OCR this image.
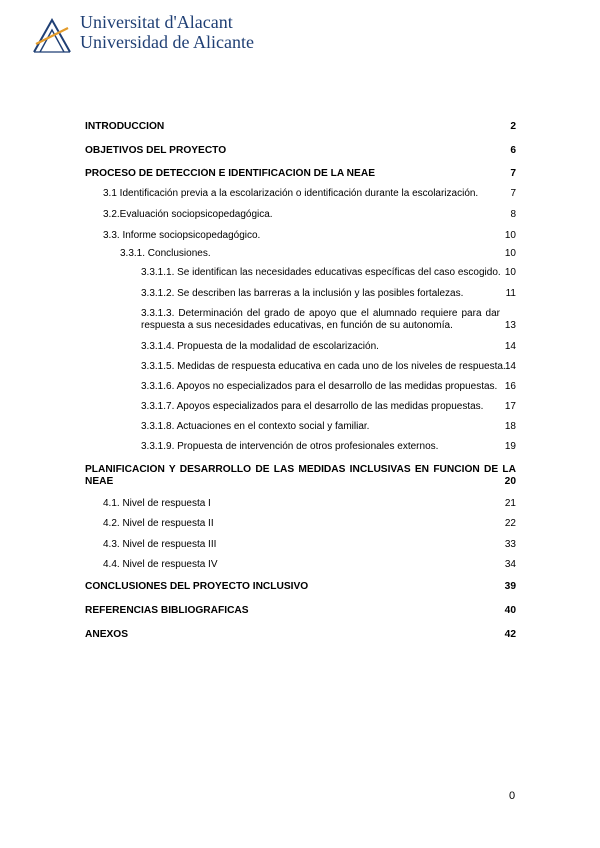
Universitat d'Alacant
Universidad de Alicante
INTRODUCCIÓN	2
OBJETIVOS DEL PROYECTO	6
PROCESO DE DETECCIÓN E IDENTIFICACIÓN DE LA NEAE	7
3.1 Identificación previa a la escolarización o identificación durante la escolarización.	7
3.2.Evaluación sociopsicopedagógica.	8
3.3. Informe sociopsicopedagógico.	10
3.3.1. Conclusiones.	10
3.3.1.1. Se identifican las necesidades educativas específicas del caso escogido. 10
3.3.1.2. Se describen las barreras a la inclusión y las posibles fortalezas.	11
3.3.1.3. Determinación del grado de apoyo que el alumnado requiere para dar respuesta a sus necesidades educativas, en función de su autonomía.	13
3.3.1.4. Propuesta de la modalidad de escolarización.	14
3.3.1.5. Medidas de respuesta educativa en cada uno de los niveles de respuesta. 14
3.3.1.6. Apoyos no especializados para el desarrollo de las medidas propuestas. 16
3.3.1.7. Apoyos especializados para el desarrollo de las medidas propuestas.	17
3.3.1.8. Actuaciones en el contexto social y familiar.	18
3.3.1.9. Propuesta de intervención de otros profesionales externos.	19
PLANIFICACIÓN Y DESARROLLO DE LAS MEDIDAS INCLUSIVAS EN FUNCIÓN DE LA NEAE	20
4.1. Nivel de respuesta I	21
4.2. Nivel de respuesta II	22
4.3. Nivel de respuesta III	33
4.4. Nivel de respuesta IV	34
CONCLUSIONES DEL PROYECTO INCLUSIVO	39
REFERENCIAS BIBLIOGRÁFICAS	40
ANEXOS	42
0
